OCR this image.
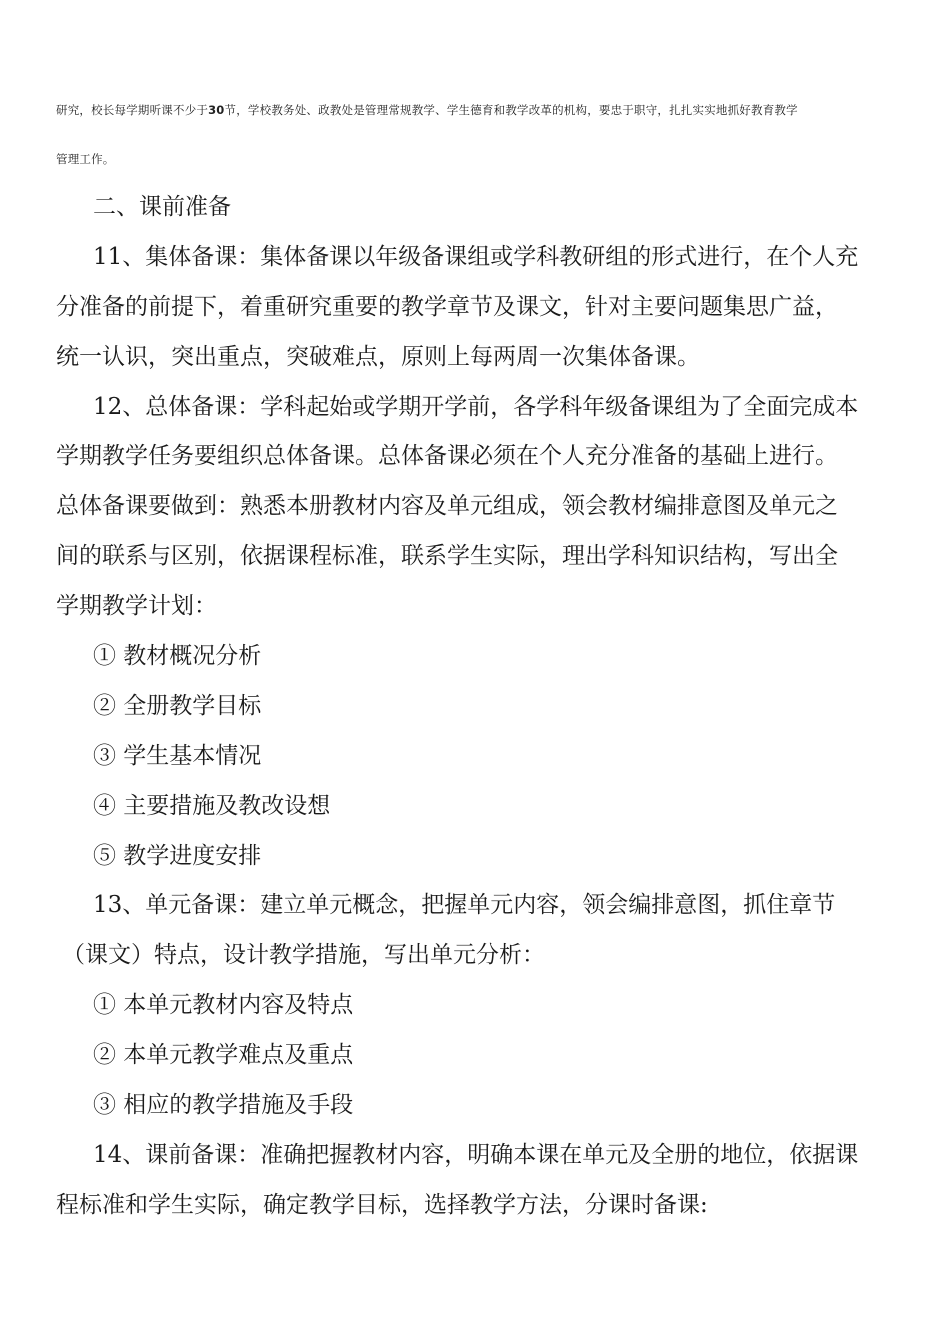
研究，校长每学期听课不少于30节，学校教务处、政教处是管理常规教学、学生德育和教学改革的机构，要忠于职守，扎扎实实地抓好教育教学
管理工作。
二、课前准备
11、集体备课：集体备课以年级备课组或学科教研组的形式进行，在个人充
分准备的前提下，着重研究重要的教学章节及课文，针对主要问题集思广益，
统一认识，突出重点，突破难点，原则上每两周一次集体备课。
12、总体备课：学科起始或学期开学前，各学科年级备课组为了全面完成本
学期教学任务要组织总体备课。总体备课必须在个人充分准备的基础上进行。
总体备课要做到：熟悉本册教材内容及单元组成，领会教材编排意图及单元之
间的联系与区别，依据课程标准，联系学生实际，理出学科知识结构，写出全
学期教学计划：
① 教材概况分析
② 全册教学目标
③ 学生基本情况
④ 主要措施及教改设想
⑤ 教学进度安排
13、单元备课：建立单元概念，把握单元内容，领会编排意图，抓住章节
（课文）特点，设计教学措施，写出单元分析：
① 本单元教材内容及特点
② 本单元教学难点及重点
③ 相应的教学措施及手段
14、课前备课：准确把握教材内容，明确本课在单元及全册的地位，依据课
程标准和学生实际，确定教学目标，选择教学方法，分课时备课:
